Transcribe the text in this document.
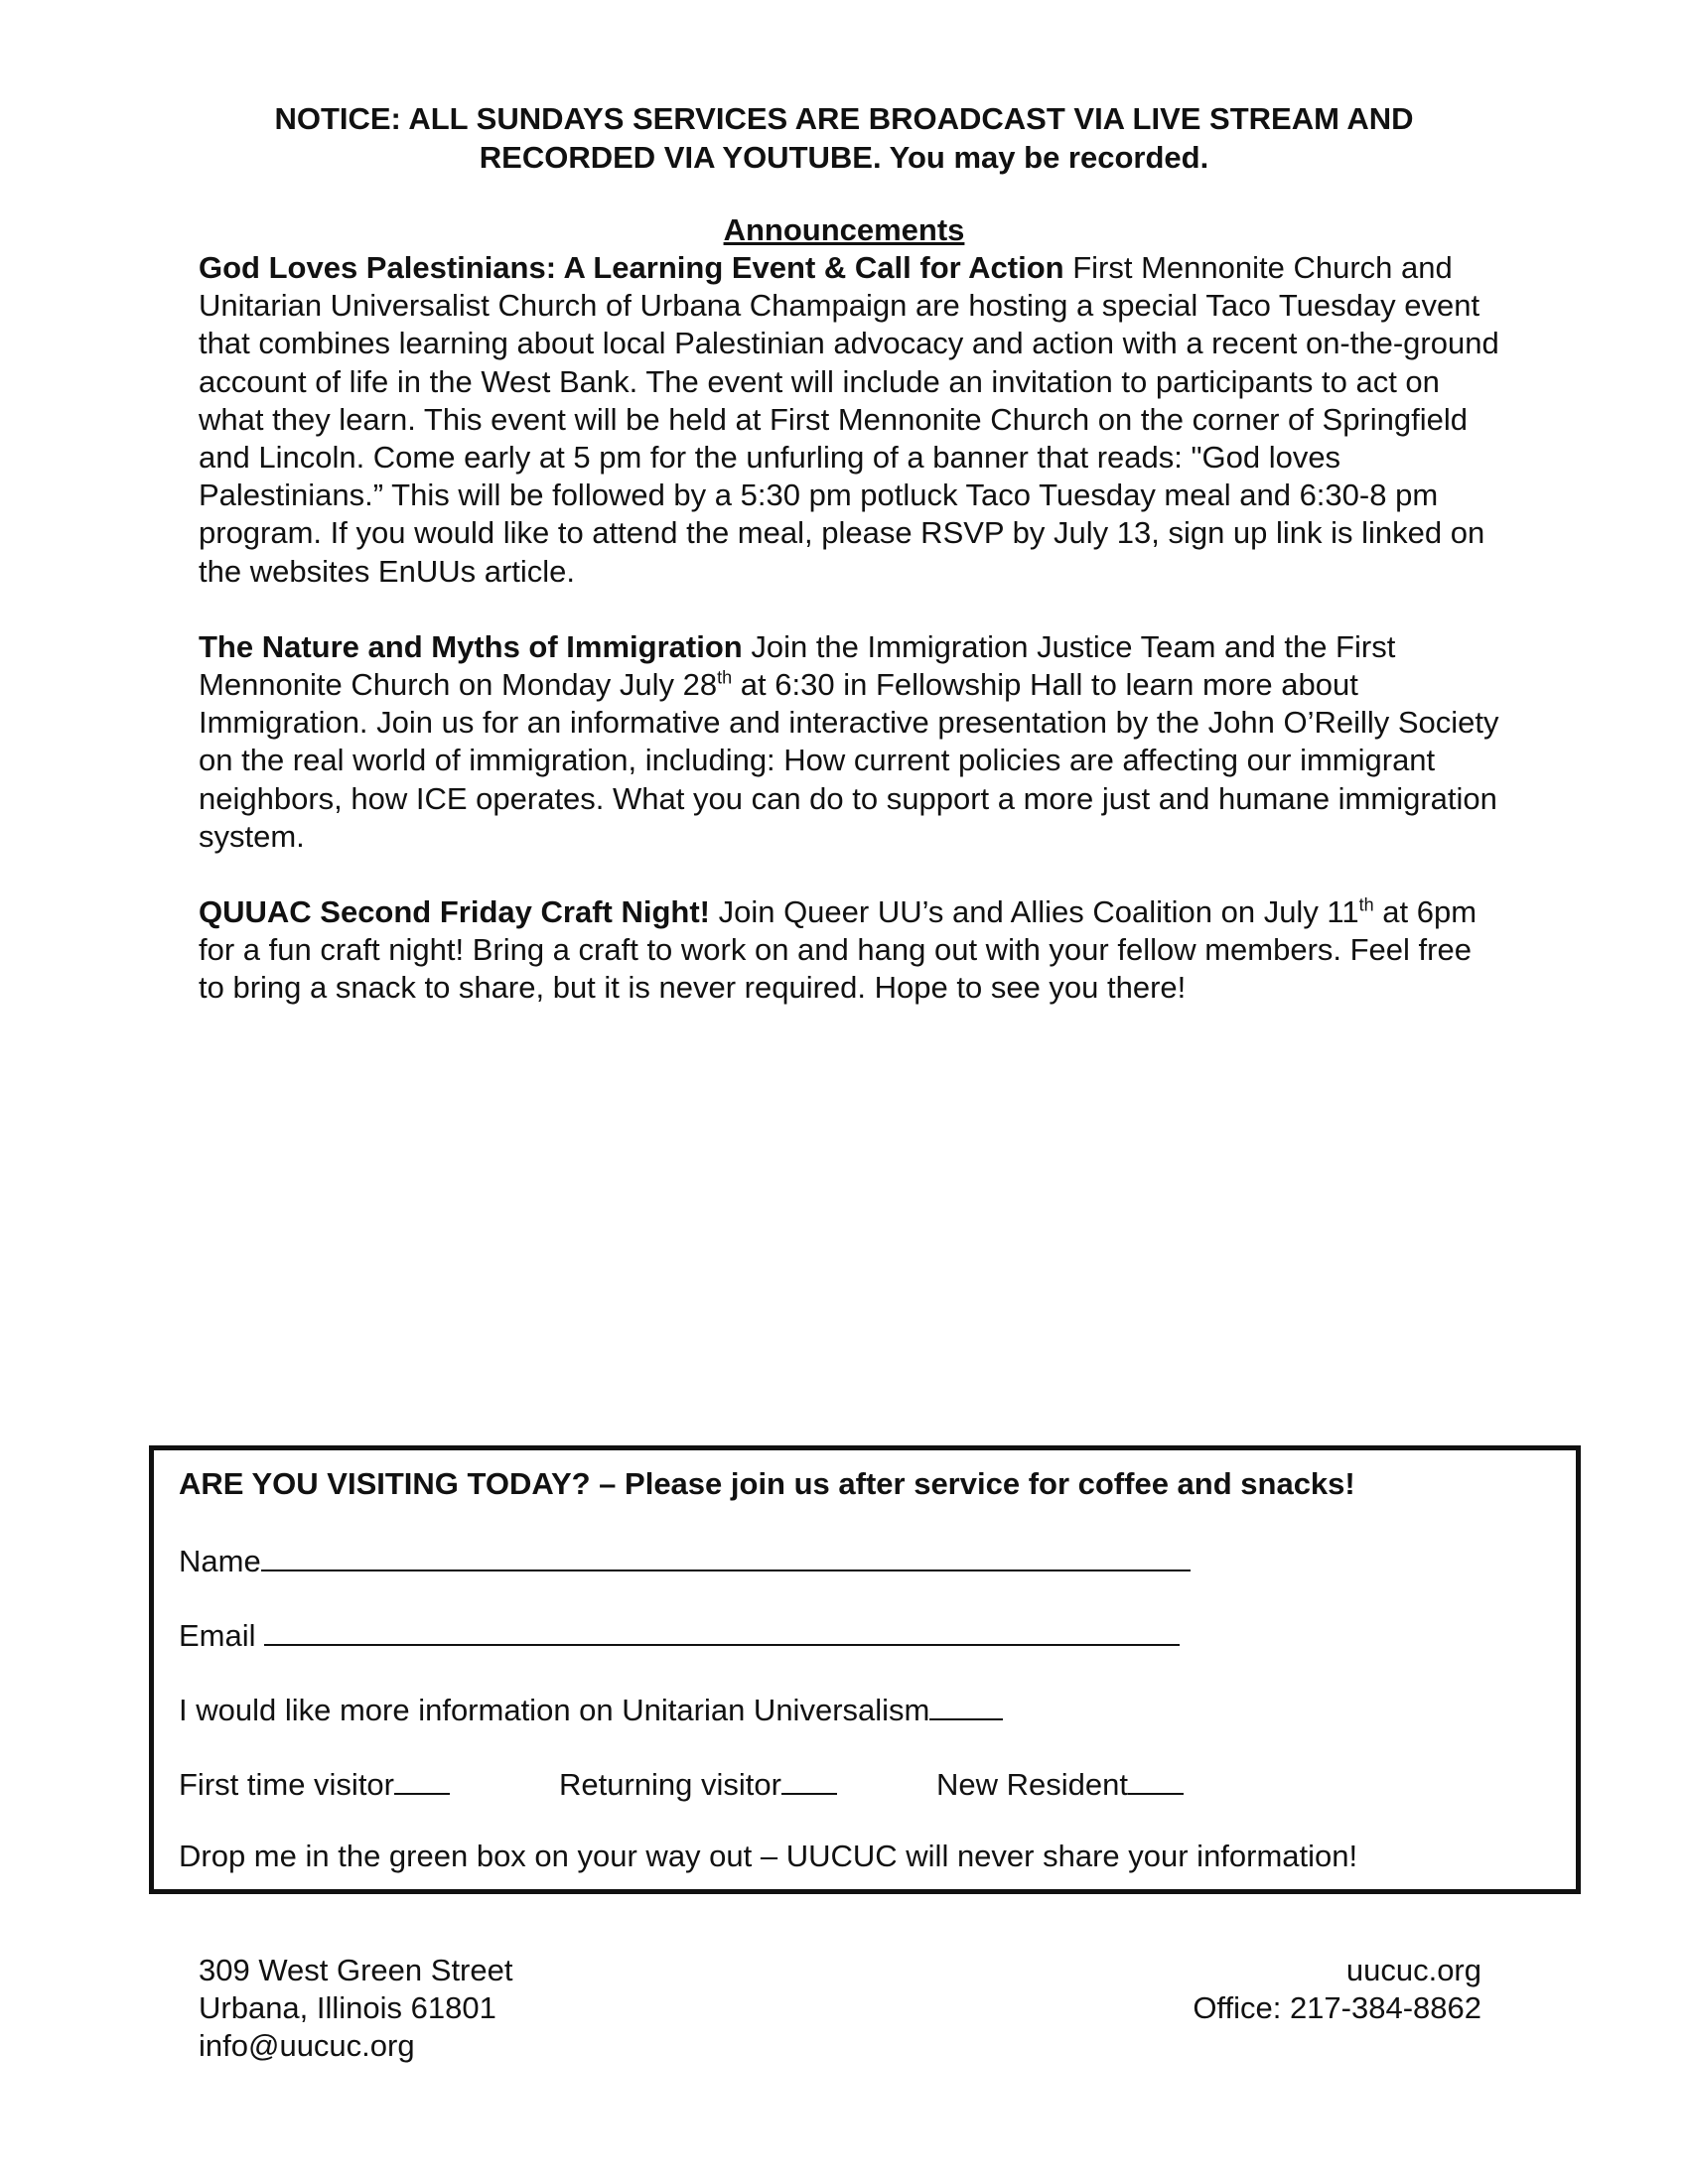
NOTICE: ALL SUNDAYS SERVICES ARE BROADCAST VIA LIVE STREAM AND
RECORDED VIA YOUTUBE. You may be recorded.
Announcements

God Loves Palestinians: A Learning Event & Call for Action First Mennonite Church and Unitarian Universalist Church of Urbana Champaign are hosting a special Taco Tuesday event that combines learning about local Palestinian advocacy and action with a recent on-the-ground account of life in the West Bank. The event will include an invitation to participants to act on what they learn. This event will be held at First Mennonite Church on the corner of Springfield and Lincoln. Come early at 5 pm for the unfurling of a banner that reads: "God loves Palestinians.” This will be followed by a 5:30 pm potluck Taco Tuesday meal and 6:30-8 pm program. If you would like to attend the meal, please RSVP by July 13, sign up link is linked on the websites EnUUs article.

The Nature and Myths of Immigration Join the Immigration Justice Team and the First Mennonite Church on Monday July 28th at 6:30 in Fellowship Hall to learn more about Immigration. Join us for an informative and interactive presentation by the John O’Reilly Society on the real world of immigration, including: How current policies are affecting our immigrant neighbors, how ICE operates. What you can do to support a more just and humane immigration system.

QUUAC Second Friday Craft Night! Join Queer UU’s and Allies Coalition on July 11th at 6pm for a fun craft night! Bring a craft to work on and hang out with your fellow members. Feel free to bring a snack to share, but it is never required. Hope to see you there!

ARE YOU VISITING TODAY? – Please join us after service for coffee and snacks!
Name
Email
I would like more information on Unitarian Universalism
First time visitor	Returning visitor	New Resident
Drop me in the green box on your way out – UUCUC will never share your information!
309 West Green Street
Urbana, Illinois 61801
info@uucuc.org
uucuc.org
Office: 217-384-8862
